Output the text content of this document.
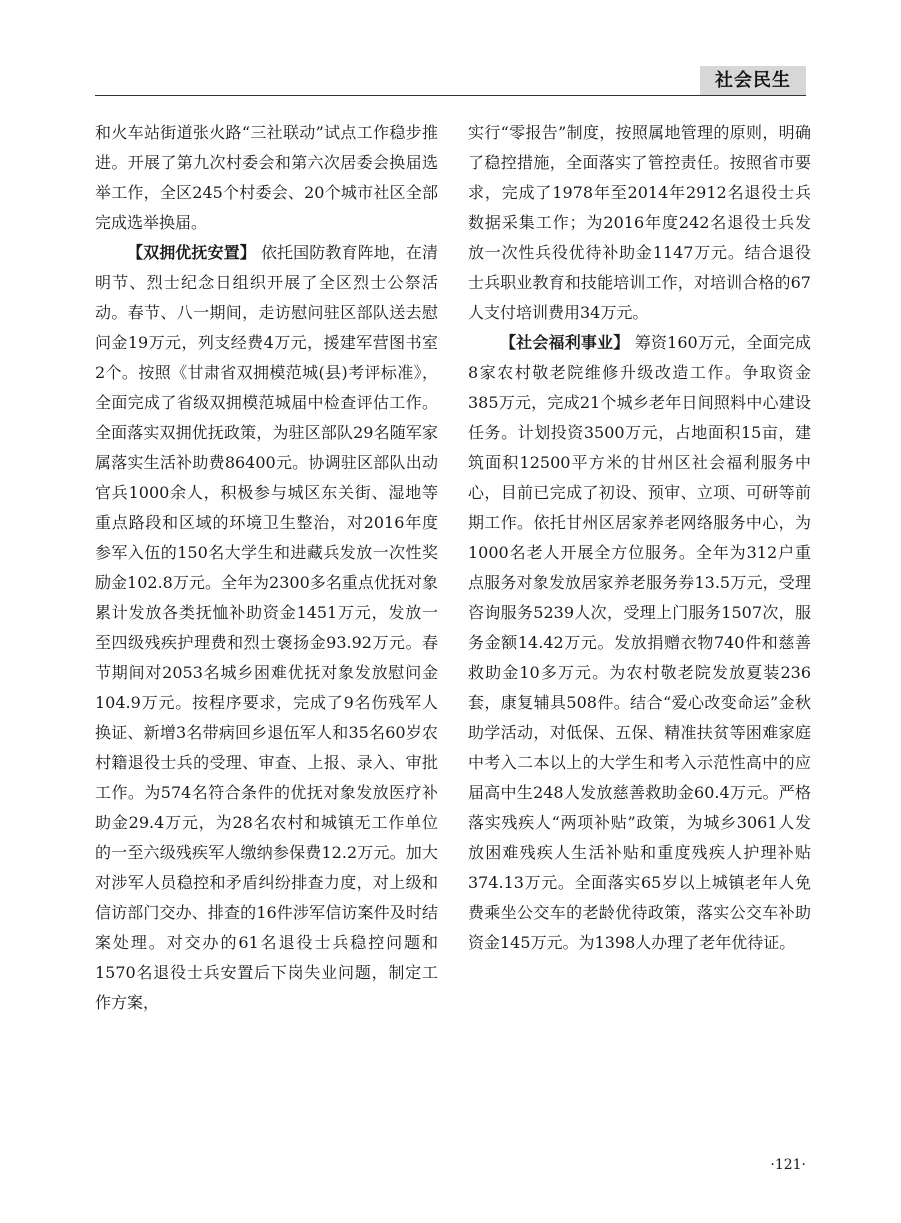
社会民生

和火车站街道张火路“三社联动”试点工作稳步推进。开展了第九次村委会和第六次居委会换届选举工作，全区245个村委会、20个城市社区全部完成选举换届。

【双拥优抚安置】 依托国防教育阵地，在清明节、烈士纪念日组织开展了全区烈士公祭活动。春节、八一期间，走访慰问驻区部队送去慰问金19万元，列支经费4万元，援建军营图书室2个。按照《甘肃省双拥模范城(县)考评标准》，全面完成了省级双拥模范城届中检查评估工作。全面落实双拥优抚政策，为驻区部队29名随军家属落实生活补助费86400元。协调驻区部队出动官兵1000余人，积极参与城区东关街、湿地等重点路段和区域的环境卫生整治，对2016年度参军入伍的150名大学生和进藏兵发放一次性奖励金102.8万元。全年为2300多名重点优抚对象累计发放各类抚恤补助资金1451万元，发放一至四级残疾护理费和烈士褒扬金93.92万元。春节期间对2053名城乡困难优抚对象发放慰问金104.9万元。按程序要求，完成了9名伤残军人换证、新增3名带病回乡退伍军人和35名60岁农村籍退役士兵的受理、审查、上报、录入、审批工作。为574名符合条件的优抚对象发放医疗补助金29.4万元，为28名农村和城镇无工作单位的一至六级残疾军人缴纳参保费12.2万元。加大对涉军人员稳控和矛盾纠纷排查力度，对上级和信访部门交办、排查的16件涉军信访案件及时结案处理。对交办的61名退役士兵稳控问题和1570名退役士兵安置后下岗失业问题，制定工作方案，

实行“零报告”制度，按照属地管理的原则，明确了稳控措施，全面落实了管控责任。按照省市要求，完成了1978年至2014年2912名退役士兵数据采集工作；为2016年度242名退役士兵发放一次性兵役优待补助金1147万元。结合退役士兵职业教育和技能培训工作，对培训合格的67人支付培训费用34万元。

【社会福利事业】 筹资160万元，全面完成8家农村敬老院维修升级改造工作。争取资金385万元，完成21个城乡老年日间照料中心建设任务。计划投资3500万元，占地面积15亩，建筑面积12500平方米的甘州区社会福利服务中心，目前已完成了初设、预审、立项、可研等前期工作。依托甘州区居家养老网络服务中心，为1000名老人开展全方位服务。全年为312户重点服务对象发放居家养老服务券13.5万元，受理咨询服务5239人次，受理上门服务1507次，服务金额14.42万元。发放捐赠衣物740件和慈善救助金10多万元。为农村敬老院发放夏装236套，康复辅具508件。结合“爱心改变命运”金秋助学活动，对低保、五保、精准扶贫等困难家庭中考入二本以上的大学生和考入示范性高中的应届高中生248人发放慈善救助金60.4万元。严格落实残疾人“两项补贴”政策，为城乡3061人发放困难残疾人生活补贴和重度残疾人护理补贴374.13万元。全面落实65岁以上城镇老年人免费乘坐公交车的老龄优待政策，落实公交车补助资金145万元。为1398人办理了老年优待证。

·121·
